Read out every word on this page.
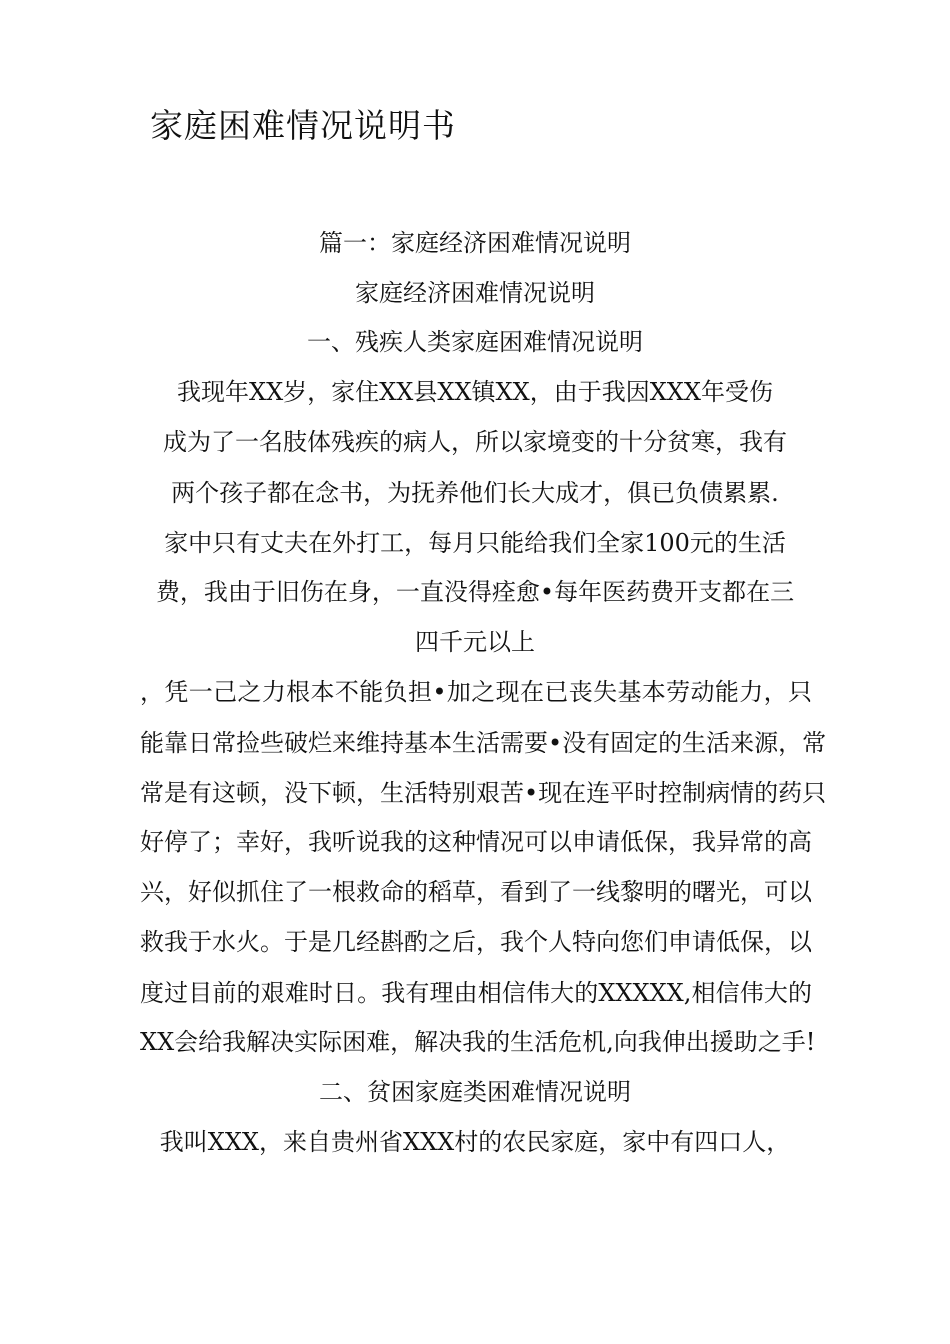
家庭困难情况说明书
篇一：家庭经济困难情况说明
家庭经济困难情况说明
一、残疾人类家庭困难情况说明
我现年XX岁，家住XX县XX镇XX，由于我因XXX年受伤
成为了一名肢体残疾的病人，所以家境变的十分贫寒，我有
两个孩子都在念书，为抚养他们长大成才，俱已负债累累.
家中只有丈夫在外打工，每月只能给我们全家100元的生活
费，我由于旧伤在身，一直没得痊愈•每年医药费开支都在三
四千元以上
，凭一己之力根本不能负担•加之现在已丧失基本劳动能力，只
能靠日常捡些破烂来维持基本生活需要•没有固定的生活来源，常
常是有这顿，没下顿，生活特别艰苦•现在连平时控制病情的药只
好停了；幸好，我听说我的这种情况可以申请低保，我异常的高
兴，好似抓住了一根救命的稻草，看到了一线黎明的曙光，可以
救我于水火。于是几经斟酌之后，我个人特向您们申请低保，以
度过目前的艰难时日。我有理由相信伟大的XXXXX,相信伟大的
XX会给我解决实际困难，解决我的生活危机,向我伸出援助之手!
二、贫困家庭类困难情况说明
我叫XXX，来自贵州省XXX村的农民家庭，家中有四口人，
